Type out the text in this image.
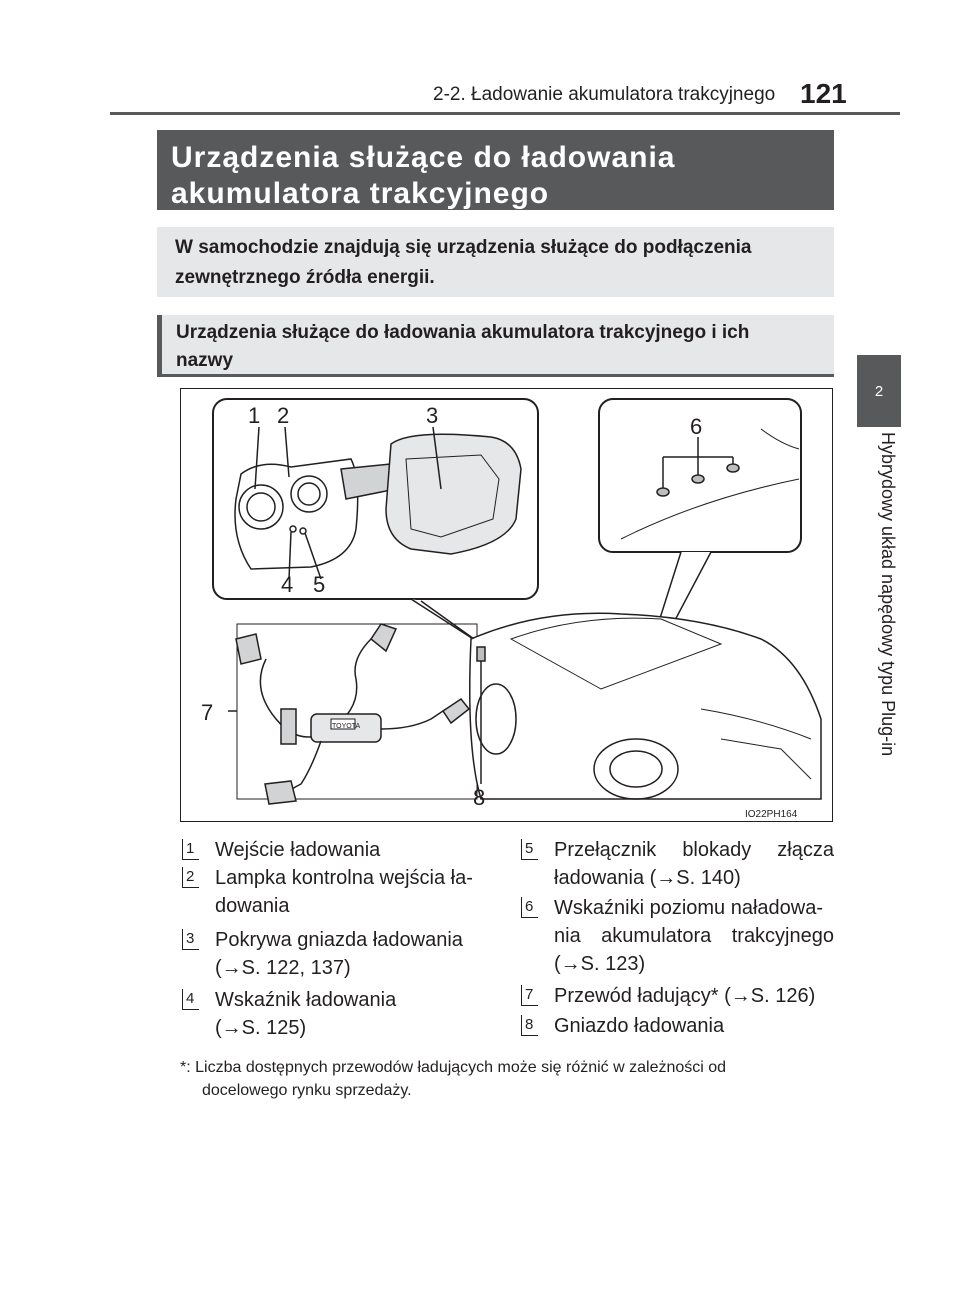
2-2. Ładowanie akumulatora trakcyjnego 121
2
Hybrydowy układ napędowy typu Plug-in
Urządzenia służące do ładowania
akumulatora trakcyjnego
W samochodzie znajdują się urządzenia służące do podłączenia
zewnętrznego źródła energii.
Urządzenia służące do ładowania akumulatora trakcyjnego i ich
nazwy
TOYOTA
1 2	3
4 5
6
7
8
IO22PH164
1 Wejście ładowania
2 Lampka kontrolna wejścia ła-
dowania
3 Pokrywa gniazda ładowania
(→S. 122, 137)
4 Wskaźnik ładowania
(→S. 125)
5 Przełącznik blokady złącza
ładowania (→S. 140)
6 Wskaźniki poziomu naładowa-
nia akumulatora trakcyjnego
(→S. 123)
7 Przewód ładujący* (→S. 126)
8 Gniazdo ładowania
*: Liczba dostępnych przewodów ładujących może się różnić w zależności od
docelowego rynku sprzedaży.
